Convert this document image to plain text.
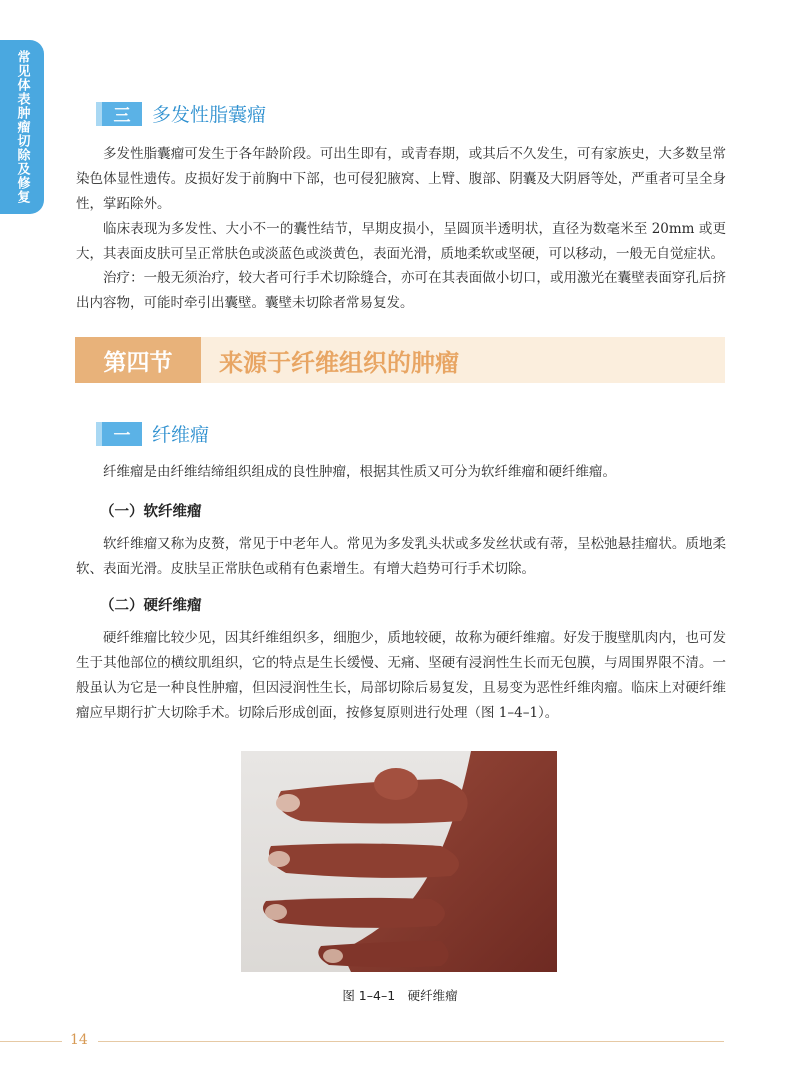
常见体表肿瘤切除及修复	三	多发性脂囊瘤

多发性脂囊瘤可发生于各年龄阶段。可出生即有，或青春期，或其后不久发生，可有家族史，大多数呈常染色体显性遗传。皮损好发于前胸中下部，也可侵犯腋窝、上臂、腹部、阴囊及大阴唇等处，严重者可呈全身性，掌跖除外。

临床表现为多发性、大小不一的囊性结节，早期皮损小，呈圆顶半透明状，直径为数毫米至 20mm 或更大，其表面皮肤可呈正常肤色或淡蓝色或淡黄色，表面光滑，质地柔软或坚硬，可以移动，一般无自觉症状。

治疗：一般无须治疗，较大者可行手术切除缝合，亦可在其表面做小切口，或用激光在囊壁表面穿孔后挤出内容物，可能时牵引出囊壁。囊壁未切除者常易复发。

第四节	来源于纤维组织的肿瘤
一	纤维瘤

纤维瘤是由纤维结缔组织组成的良性肿瘤，根据其性质又可分为软纤维瘤和硬纤维瘤。

（一）软纤维瘤

软纤维瘤又称为皮赘，常见于中老年人。常见为多发乳头状或多发丝状或有蒂，呈松弛悬挂瘤状。质地柔软、表面光滑。皮肤呈正常肤色或稍有色素增生。有增大趋势可行手术切除。

（二）硬纤维瘤

硬纤维瘤比较少见，因其纤维组织多，细胞少，质地较硬，故称为硬纤维瘤。好发于腹壁肌肉内，也可发生于其他部位的横纹肌组织，它的特点是生长缓慢、无痛、坚硬有浸润性生长而无包膜，与周围界限不清。一般虽认为它是一种良性肿瘤，但因浸润性生长，局部切除后易复发，且易变为恶性纤维肉瘤。临床上对硬纤维瘤应早期行扩大切除手术。切除后形成创面，按修复原则进行处理（图 1–4–1）。

图 1–4–1　硬纤维瘤
14
